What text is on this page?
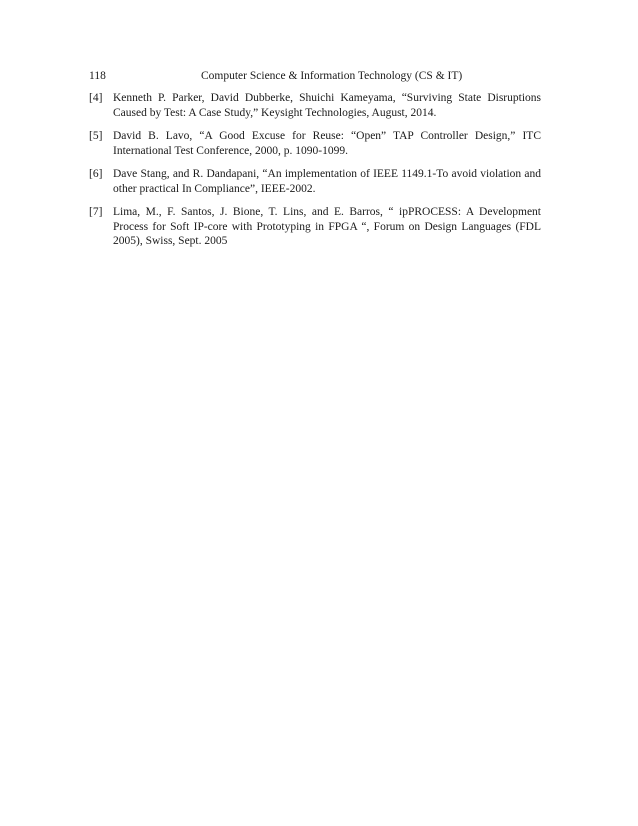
118	Computer Science & Information Technology (CS & IT)
[4] Kenneth P. Parker, David Dubberke, Shuichi Kameyama, “Surviving State Disruptions Caused by Test: A Case Study,” Keysight Technologies, August, 2014.
[5] David B. Lavo, “A Good Excuse for Reuse: “Open” TAP Controller Design,” ITC International Test Conference, 2000, p. 1090-1099.
[6] Dave Stang, and R. Dandapani, “An implementation of IEEE 1149.1-To avoid violation and other practical In Compliance”, IEEE-2002.
[7] Lima, M., F. Santos, J. Bione, T. Lins, and E. Barros, “ ipPROCESS: A Development Process for Soft IP-core with Prototyping in FPGA “, Forum on Design Languages (FDL 2005), Swiss, Sept. 2005
